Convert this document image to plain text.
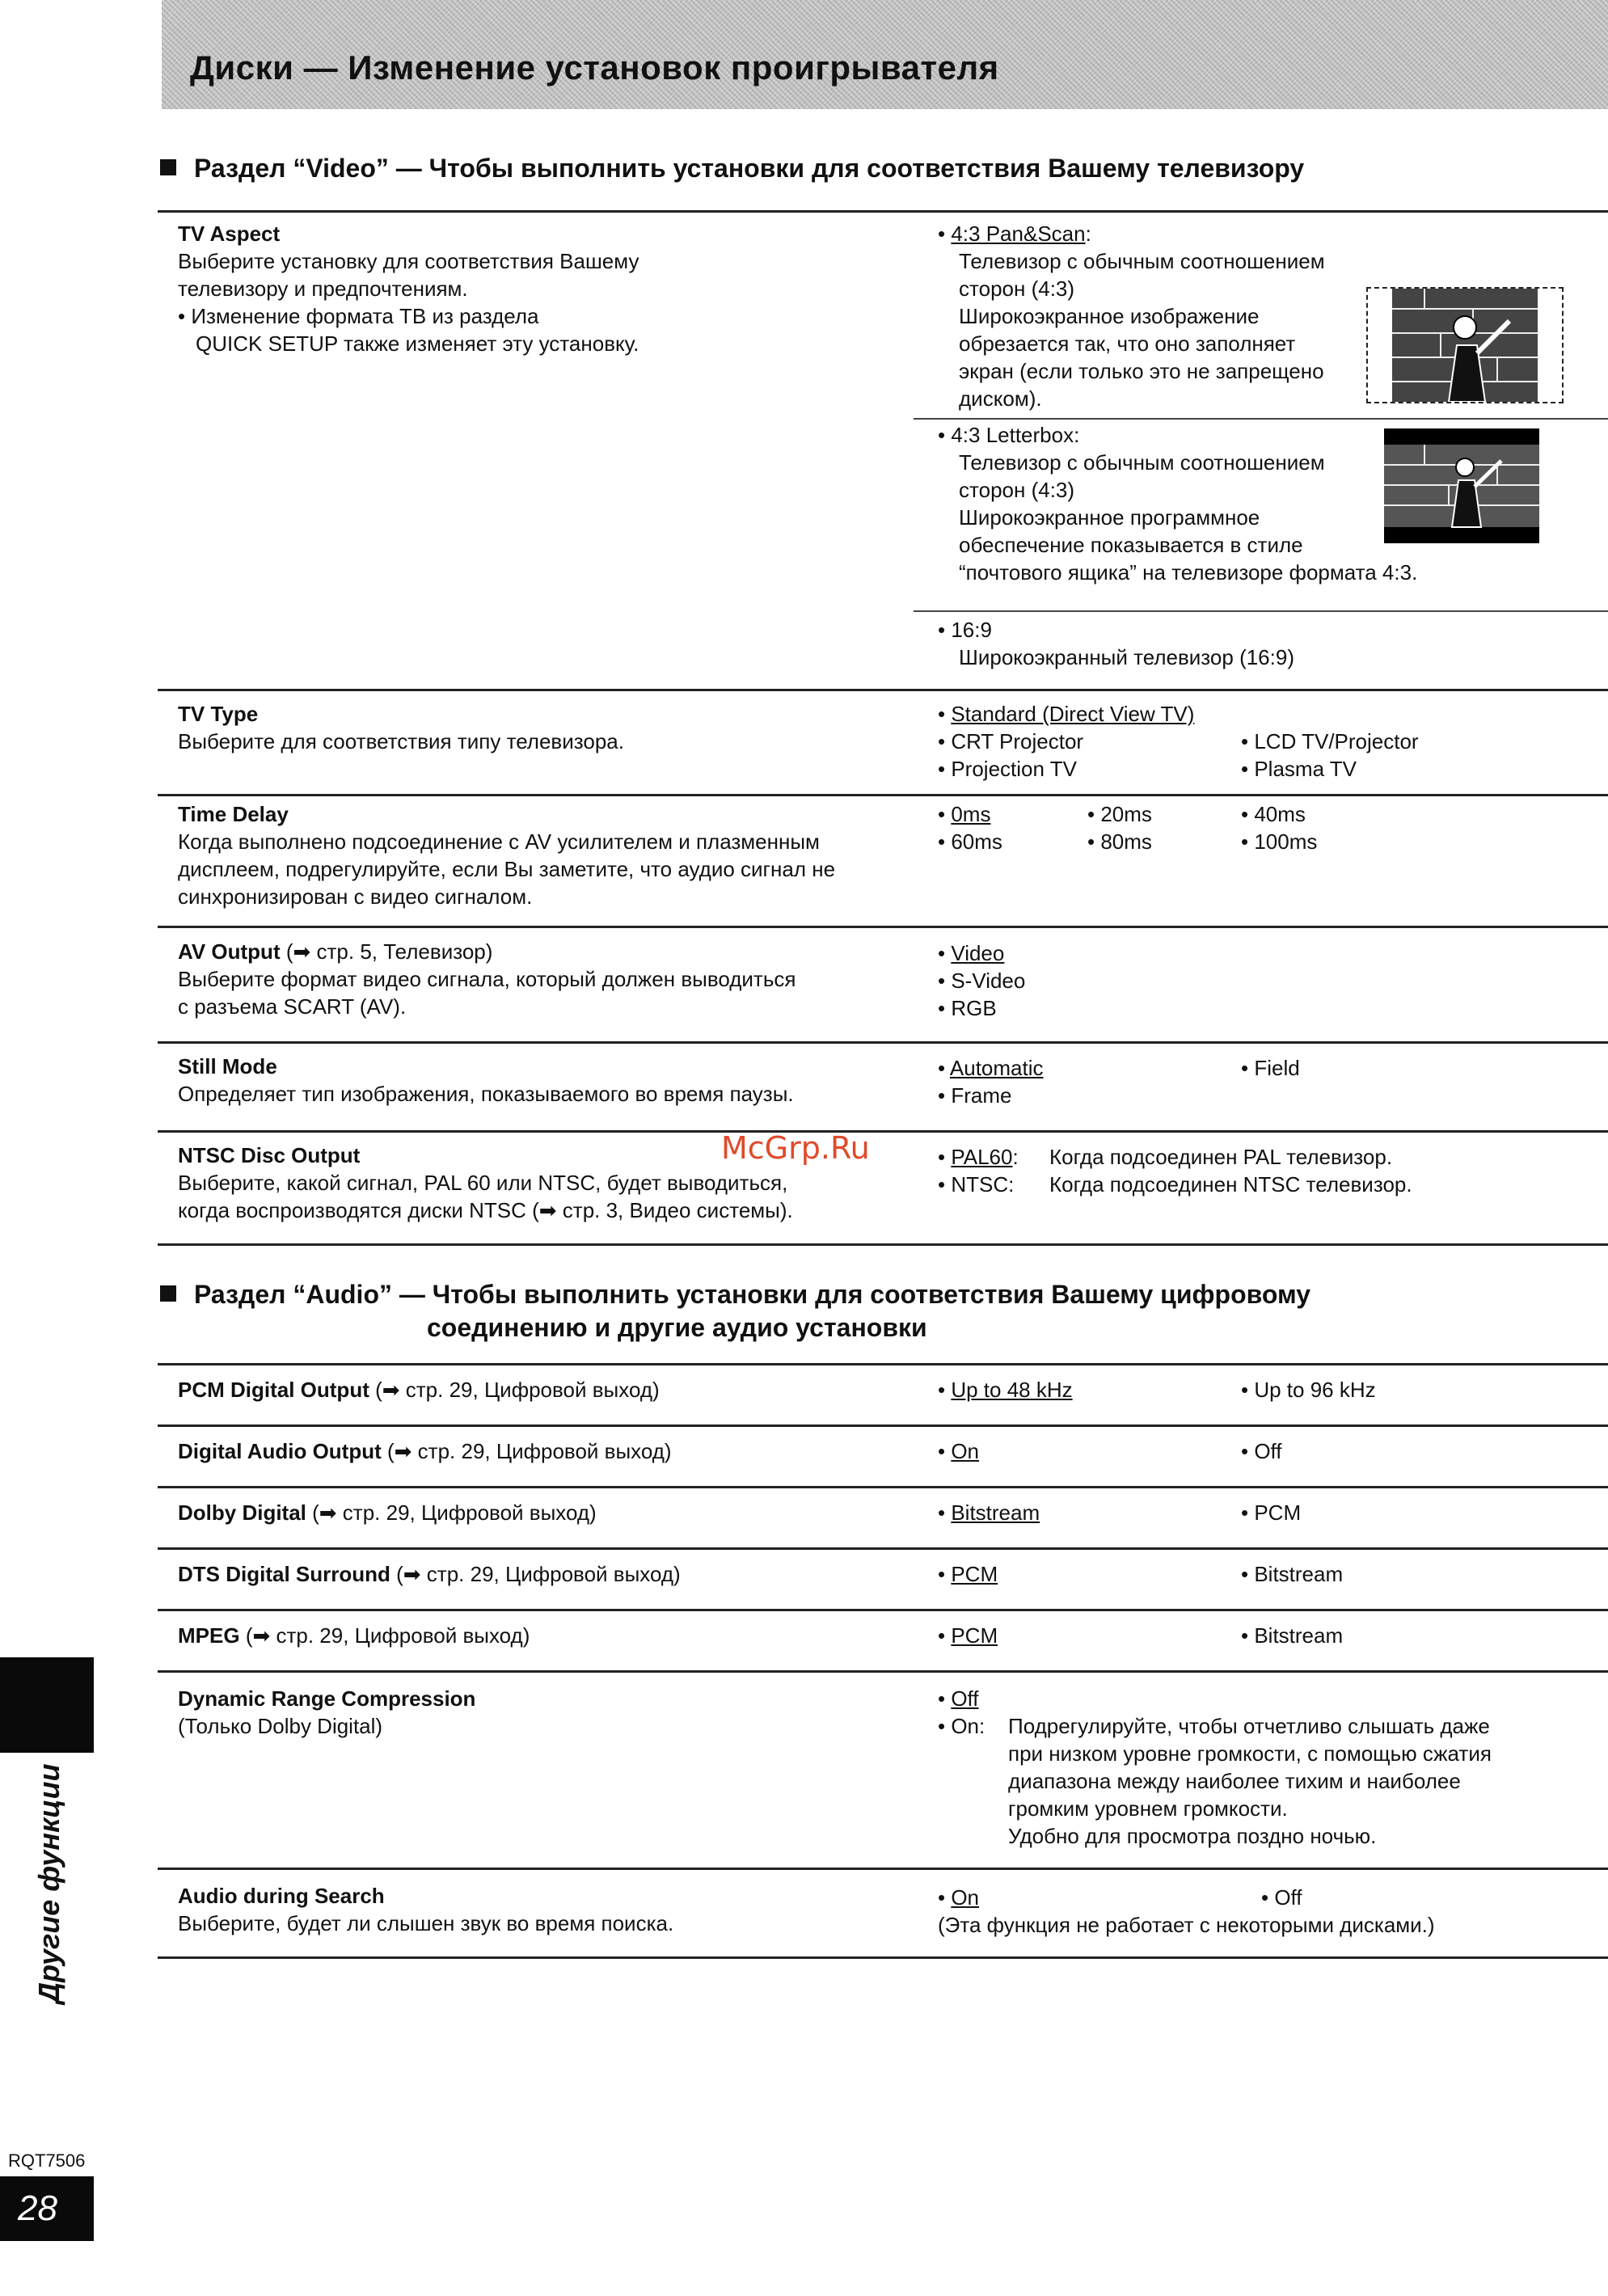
Диски — Изменение установок проигрывателя
Раздел “Video” — Чтобы выполнить установки для соответствия Вашему телевизору
TV Aspect
Выберите установку для соответствия Вашему
телевизору и предпочтениям.
• Изменение формата ТВ из раздела
QUICK SETUP также изменяет эту установку.
• 4:3 Pan&Scan:
Телевизор с обычным соотношением
сторон (4:3)
Широкоэкранное изображение
обрезается так, что оно заполняет
экран (если только это не запрещено
диском).
• 4:3 Letterbox:
Телевизор с обычным соотношением
сторон (4:3)
Широкоэкранное программное
обеспечение показывается в стиле
“почтового ящика” на телевизоре формата 4:3.
• 16:9
Широкоэкранный телевизор (16:9)
TV Type
Выберите для соответствия типу телевизора.
• Standard (Direct View TV)
• CRT Projector	• LCD TV/Projector
• Projection TV	• Plasma TV
Time Delay
Когда выполнено подсоединение с AV усилителем и плазменным
дисплеем, подрегулируйте, если Вы заметите, что аудио сигнал не
синхронизирован с видео сигналом.
• 0ms	• 20ms	• 40ms
• 60ms	• 80ms	• 100ms
AV Output (➡ стр. 5, Телевизор)
Выберите формат видео сигнала, который должен выводиться
с разъема SCART (AV).
• Video
• S-Video
• RGB
Still Mode
Определяет тип изображения, показываемого во время паузы.
• Automatic	• Field
• Frame
NTSC Disc Output
Выберите, какой сигнал, PAL 60 или NTSC, будет выводиться,
когда воспроизводятся диски NTSC (➡ стр. 3, Видео системы).
McGrp.Ru	• PAL60: Когда подсоединен PAL телевизор.
• NTSC: Когда подсоединен NTSC телевизор.
Раздел “Audio” — Чтобы выполнить установки для соответствия Вашему цифровому
соединению и другие аудио установки
PCM Digital Output (➡ стр. 29, Цифровой выход)	• Up to 48 kHz	• Up to 96 kHz
Digital Audio Output (➡ стр. 29, Цифровой выход)	• On	• Off
Dolby Digital (➡ стр. 29, Цифровой выход)	• Bitstream	• PCM
DTS Digital Surround (➡ стр. 29, Цифровой выход)	• PCM	• Bitstream
MPEG (➡ стр. 29, Цифровой выход)	• PCM	• Bitstream
Dynamic Range Compression
(Только Dolby Digital)
• Off
• On: Подрегулируйте, чтобы отчетливо слышать даже
при низком уровне громкости, с помощью сжатия
диапазона между наиболее тихим и наиболее
громким уровнем громкости.
Удобно для просмотра поздно ночью.
Audio during Search
Выберите, будет ли слышен звук во время поиска.
• On	• Off
(Эта функция не работает с некоторыми дисками.)
Другие функции
RQT7506
28
